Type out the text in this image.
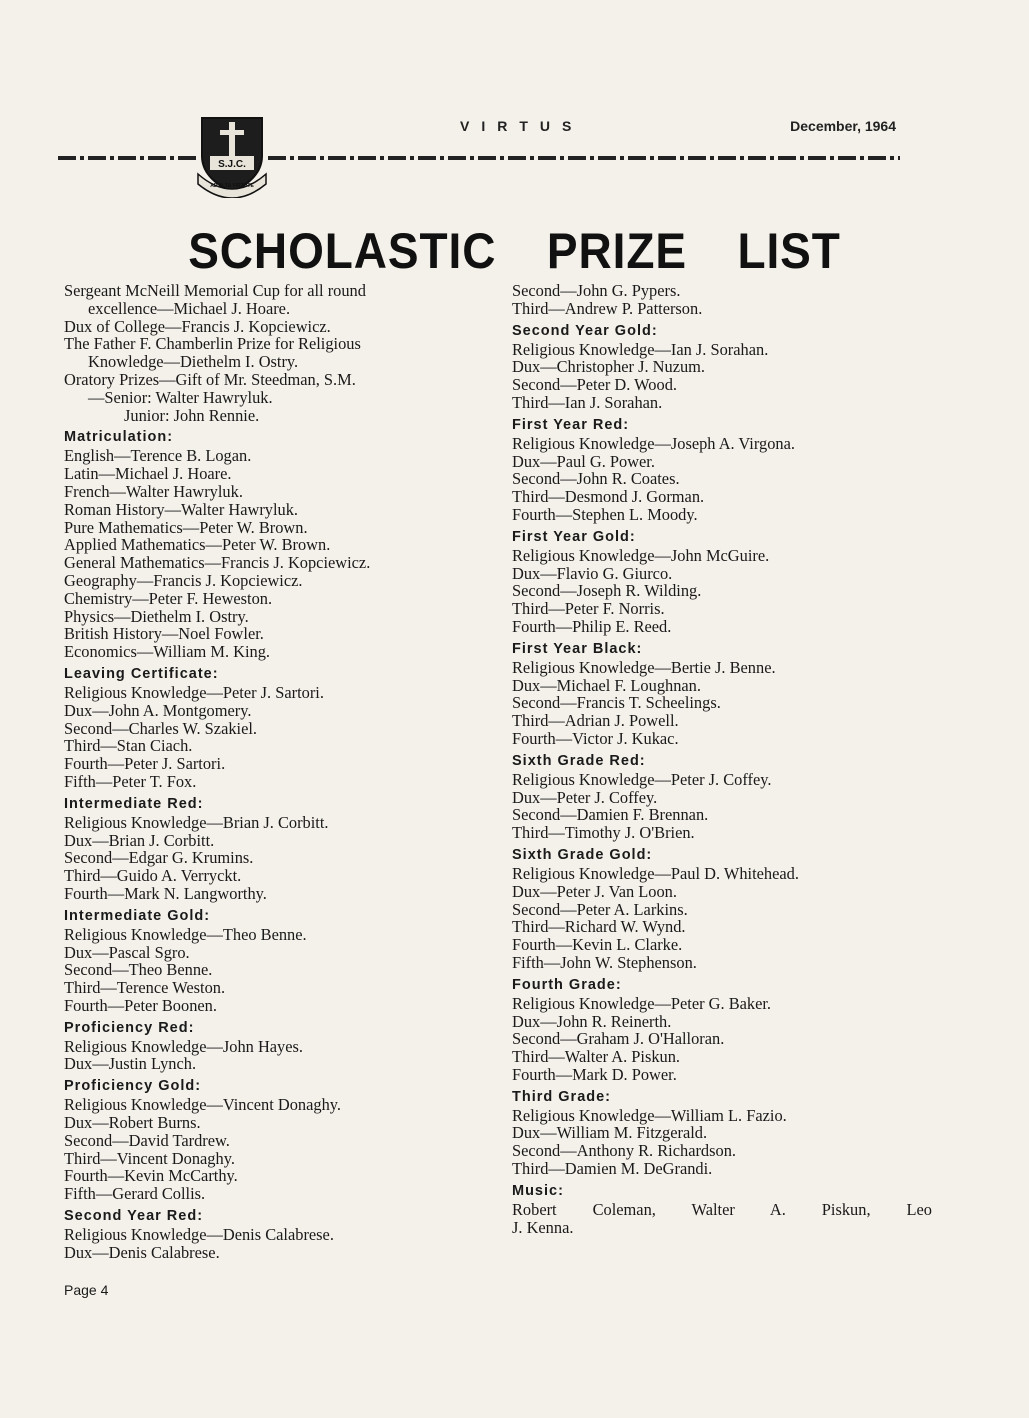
S.J.C.
AD ALTA VIRTUTE
VIRTUS	December, 1964
SCHOLASTIC PRIZE LIST
Sergeant McNeill Memorial Cup for all round
excellence—Michael J. Hoare.
Dux of College—Francis J. Kopciewicz.
The Father F. Chamberlin Prize for Religious
Knowledge—Diethelm I. Ostry.
Oratory Prizes—Gift of Mr. Steedman, S.M.
—Senior: Walter Hawryluk.
Junior: John Rennie.
Matriculation:
English—Terence B. Logan.
Latin—Michael J. Hoare.
French—Walter Hawryluk.
Roman History—Walter Hawryluk.
Pure Mathematics—Peter W. Brown.
Applied Mathematics—Peter W. Brown.
General Mathematics—Francis J. Kopciewicz.
Geography—Francis J. Kopciewicz.
Chemistry—Peter F. Heweston.
Physics—Diethelm I. Ostry.
British History—Noel Fowler.
Economics—William M. King.
Leaving Certificate:
Religious Knowledge—Peter J. Sartori.
Dux—John A. Montgomery.
Second—Charles W. Szakiel.
Third—Stan Ciach.
Fourth—Peter J. Sartori.
Fifth—Peter T. Fox.
Intermediate Red:
Religious Knowledge—Brian J. Corbitt.
Dux—Brian J. Corbitt.
Second—Edgar G. Krumins.
Third—Guido A. Verryckt.
Fourth—Mark N. Langworthy.
Intermediate Gold:
Religious Knowledge—Theo Benne.
Dux—Pascal Sgro.
Second—Theo Benne.
Third—Terence Weston.
Fourth—Peter Boonen.
Proficiency Red:
Religious Knowledge—John Hayes.
Dux—Justin Lynch.
Proficiency Gold:
Religious Knowledge—Vincent Donaghy.
Dux—Robert Burns.
Second—David Tardrew.
Third—Vincent Donaghy.
Fourth—Kevin McCarthy.
Fifth—Gerard Collis.
Second Year Red:
Religious Knowledge—Denis Calabrese.
Dux—Denis Calabrese.
Second—John G. Pypers.
Third—Andrew P. Patterson.
Second Year Gold:
Religious Knowledge—Ian J. Sorahan.
Dux—Christopher J. Nuzum.
Second—Peter D. Wood.
Third—Ian J. Sorahan.
First Year Red:
Religious Knowledge—Joseph A. Virgona.
Dux—Paul G. Power.
Second—John R. Coates.
Third—Desmond J. Gorman.
Fourth—Stephen L. Moody.
First Year Gold:
Religious Knowledge—John McGuire.
Dux—Flavio G. Giurco.
Second—Joseph R. Wilding.
Third—Peter F. Norris.
Fourth—Philip E. Reed.
First Year Black:
Religious Knowledge—Bertie J. Benne.
Dux—Michael F. Loughnan.
Second—Francis T. Scheelings.
Third—Adrian J. Powell.
Fourth—Victor J. Kukac.
Sixth Grade Red:
Religious Knowledge—Peter J. Coffey.
Dux—Peter J. Coffey.
Second—Damien F. Brennan.
Third—Timothy J. O'Brien.
Sixth Grade Gold:
Religious Knowledge—Paul D. Whitehead.
Dux—Peter J. Van Loon.
Second—Peter A. Larkins.
Third—Richard W. Wynd.
Fourth—Kevin L. Clarke.
Fifth—John W. Stephenson.
Fourth Grade:
Religious Knowledge—Peter G. Baker.
Dux—John R. Reinerth.
Second—Graham J. O'Halloran.
Third—Walter A. Piskun.
Fourth—Mark D. Power.
Third Grade:
Religious Knowledge—William L. Fazio.
Dux—William M. Fitzgerald.
Second—Anthony R. Richardson.
Third—Damien M. DeGrandi.
Music:
Robert Coleman, Walter A. Piskun, Leo
J. Kenna.
Page 4
